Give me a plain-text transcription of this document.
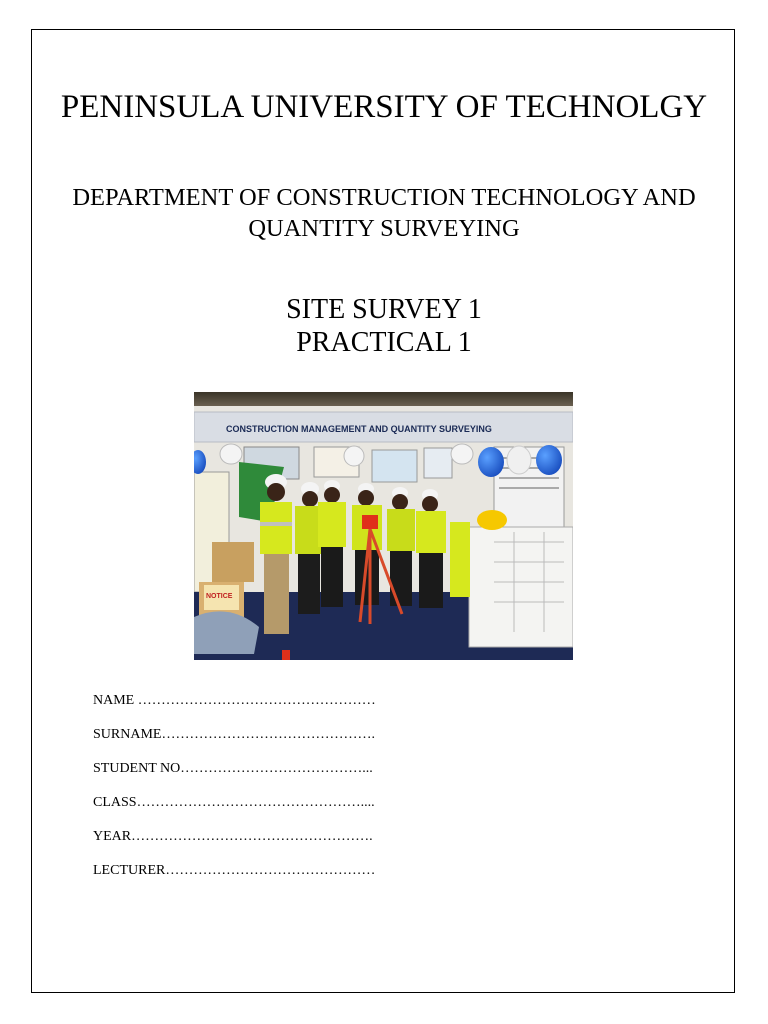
PENINSULA UNIVERSITY OF TECHNOLGY
DEPARTMENT OF CONSTRUCTION TECHNOLOGY AND QUANTITY SURVEYING
SITE SURVEY 1
PRACTICAL 1
CONSTRUCTION MANAGEMENT AND QUANTITY SURVEYING
NOTICE
NAME ……………………………………………
SURNAME……………………………………….
STUDENT NO…………………………………...
CLASS…………………………………………....
YEAR…………………………………………….
LECTURER………………………………………
